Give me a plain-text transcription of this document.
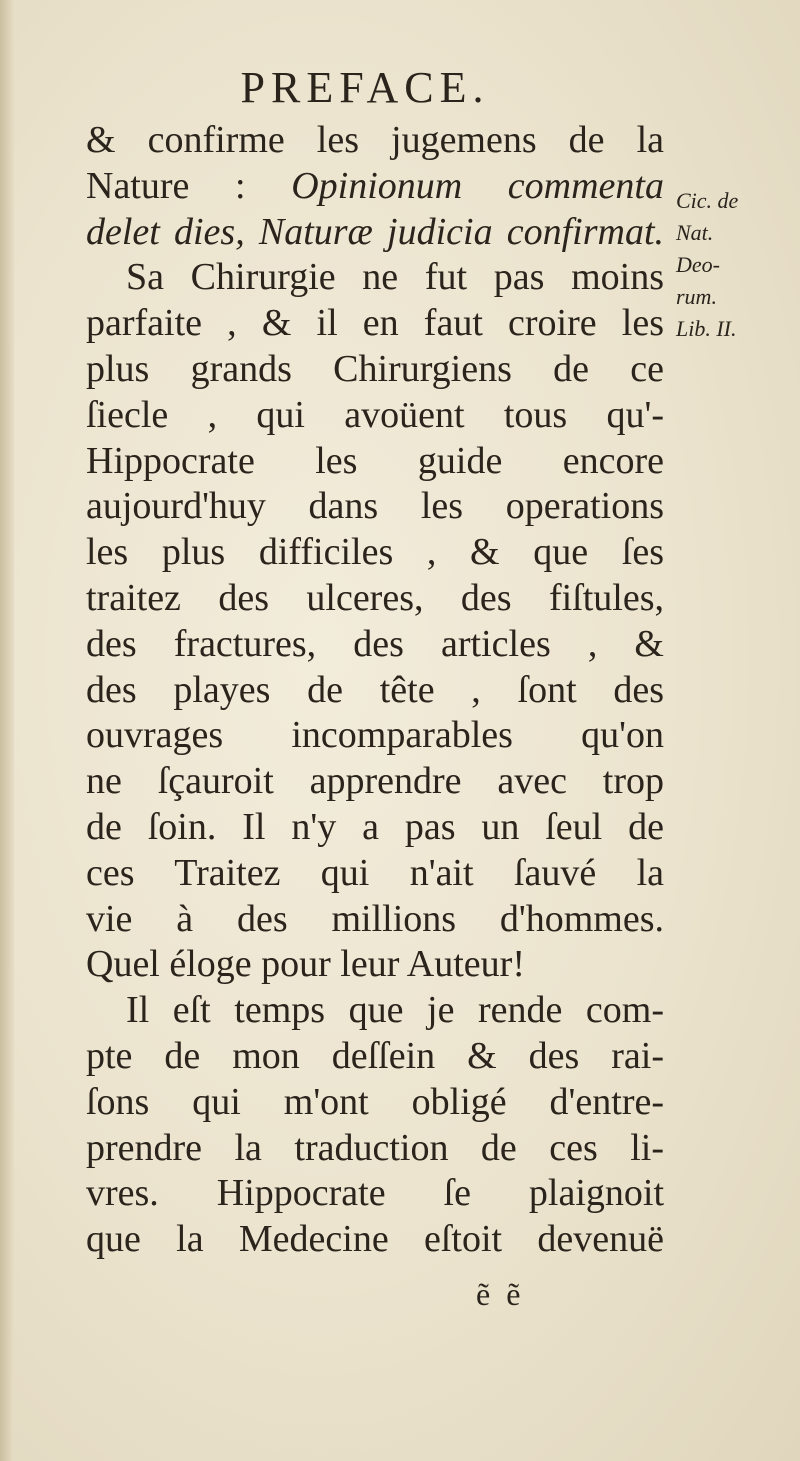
PREFACE.
& confirme les jugemens de la
Nature : Opinionum commenta
delet dies, Naturæ judicia confirmat.
Sa Chirurgie ne fut pas moins
parfaite , & il en faut croire les
plus grands Chirurgiens de ce
ſiecle , qui avoüent tous qu'-
Hippocrate les guide encore
aujourd'huy dans les operations
les plus difficiles , & que ſes
traitez des ulceres, des fiſtules,
des fractures, des articles , &
des playes de tête , ſont des
ouvrages incomparables qu'on
ne ſçauroit apprendre avec trop
de ſoin. Il n'y a pas un ſeul de
ces Traitez qui n'ait ſauvé la
vie à des millions d'hommes.
Quel éloge pour leur Auteur!
Il eſt temps que je rende com-
pte de mon deſſein & des rai-
ſons qui m'ont obligé d'entre-
prendre la traduction de ces li-
vres. Hippocrate ſe plaignoit
que la Medecine eſtoit devenuë
Cic. de
Nat.
Deo-
rum.
Lib. II.
ẽ ẽ
